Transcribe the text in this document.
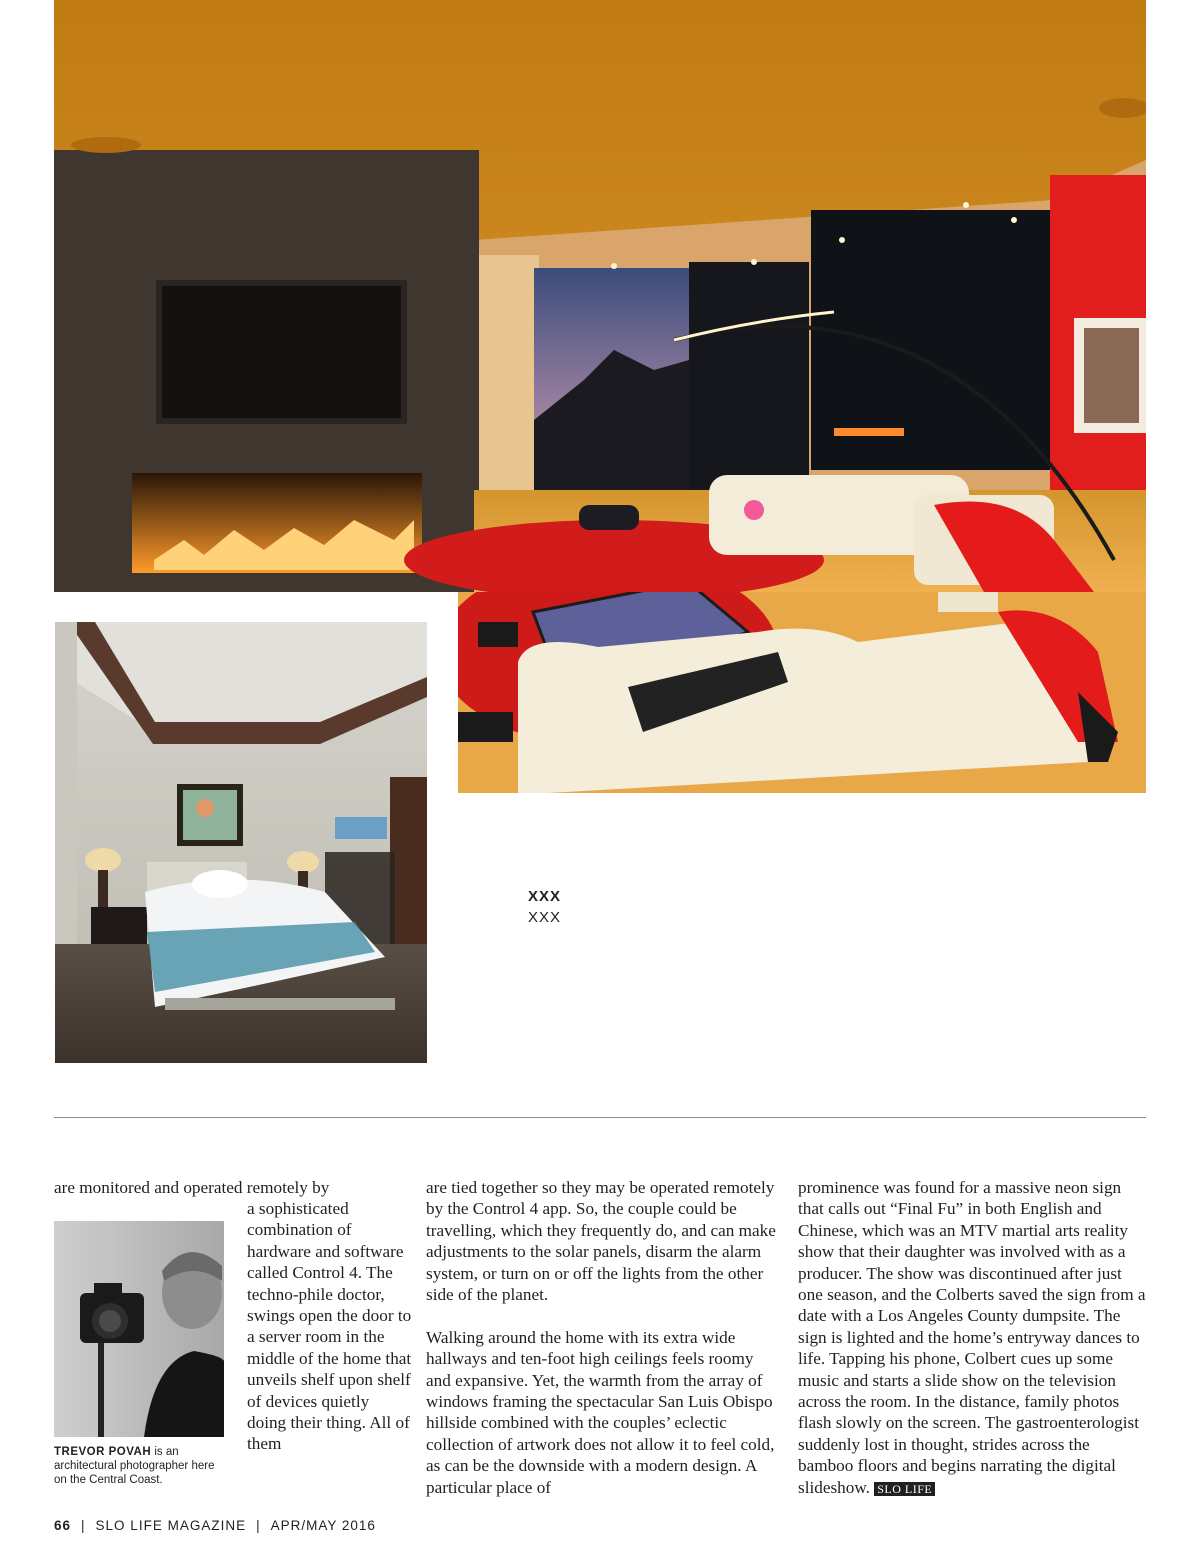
XXX
XXX
are monitored and operated remotely by
a sophisticated combination of hardware and software called Control 4. The techno-phile doctor, swings open the door to a server room in the middle of the home that unveils shelf upon shelf of devices quietly doing their thing. All of them
TREVOR POVAH is an architectural photographer here on the Central Coast.

are tied together so they may be operated remotely by the Control 4 app. So, the couple could be travelling, which they frequently do, and can make adjustments to the solar panels, disarm the alarm system, or turn on or off the lights from the other side of the planet.

Walking around the home with its extra wide hallways and ten-foot high ceilings feels roomy and expansive. Yet, the warmth from the array of windows framing the spectacular San Luis Obispo hillside combined with the couples’ eclectic collection of artwork does not allow it to feel cold, as can be the downside with a modern design. A particular place of

prominence was found for a massive neon sign that calls out “Final Fu” in both English and Chinese, which was an MTV martial arts reality show that their daughter was involved with as a producer. The show was discontinued after just one season, and the Colberts saved the sign from a date with a Los Angeles County dumpsite. The sign is lighted and the home’s entryway dances to life. Tapping his phone, Colbert cues up some music and starts a slide show on the television across the room. In the distance, family photos flash slowly on the screen. The gastroenterologist suddenly lost in thought, strides across the bamboo floors and begins narrating the digital slideshow. SLO LIFE

66 | SLO LIFE MAGAZINE | APR/MAY 2016
